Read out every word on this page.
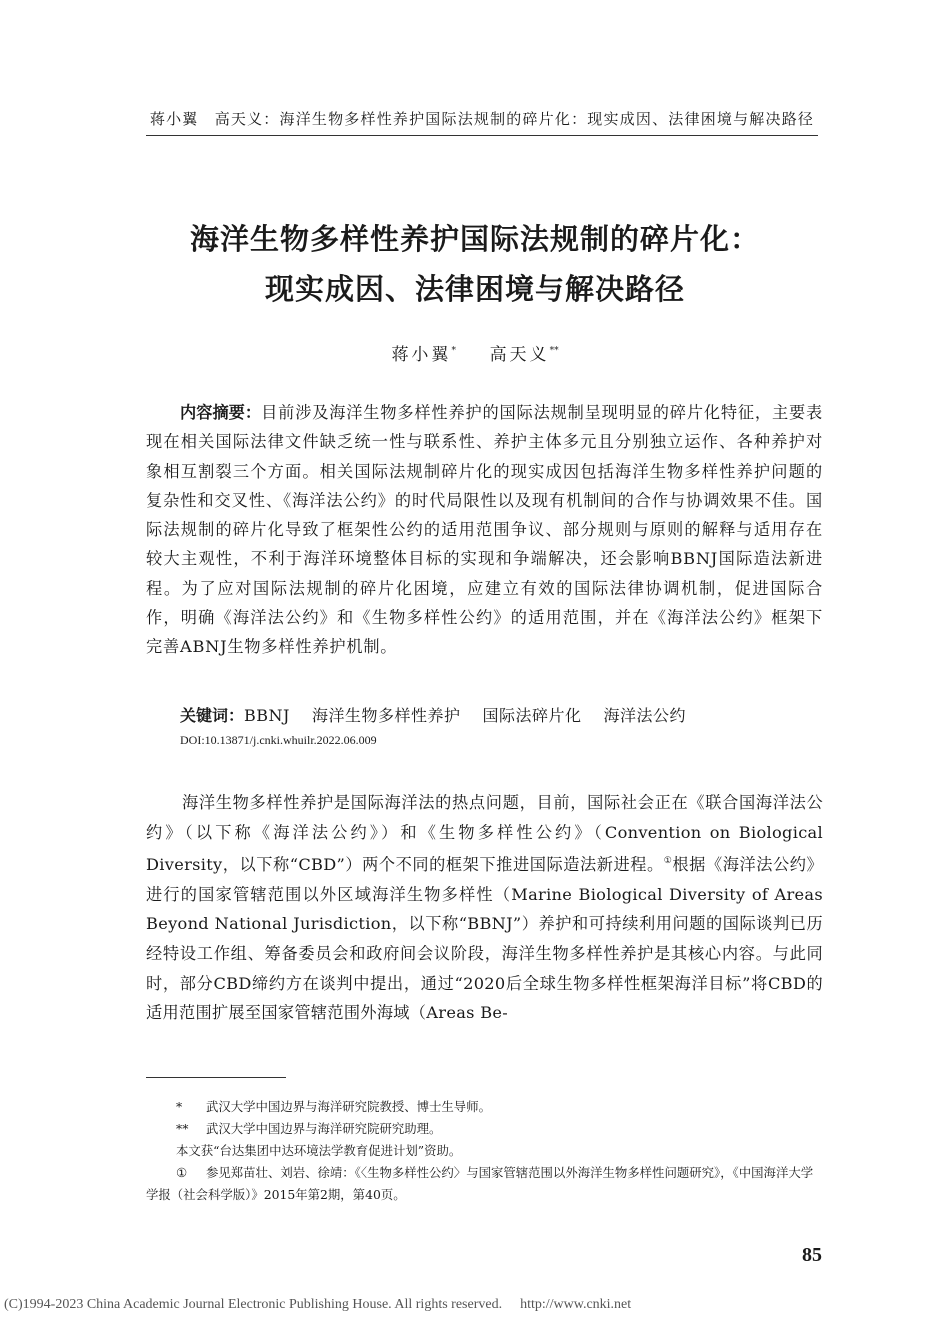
蒋小翼　高天义：海洋生物多样性养护国际法规制的碎片化：现实成因、法律困境与解决路径
海洋生物多样性养护国际法规制的碎片化：
现实成因、法律困境与解决路径
蒋小翼* 高天义**

内容摘要：目前涉及海洋生物多样性养护的国际法规制呈现明显的碎片化特征，主要表现在相关国际法律文件缺乏统一性与联系性、养护主体多元且分别独立运作、各种养护对象相互割裂三个方面。相关国际法规制碎片化的现实成因包括海洋生物多样性养护问题的复杂性和交叉性、《海洋法公约》的时代局限性以及现有机制间的合作与协调效果不佳。国际法规制的碎片化导致了框架性公约的适用范围争议、部分规则与原则的解释与适用存在较大主观性，不利于海洋环境整体目标的实现和争端解决，还会影响BBNJ国际造法新进程。为了应对国际法规制的碎片化困境，应建立有效的国际法律协调机制，促进国际合作，明确《海洋法公约》和《生物多样性公约》的适用范围，并在《海洋法公约》框架下完善ABNJ生物多样性养护机制。

关键词：BBNJ 海洋生物多样性养护 国际法碎片化 海洋法公约
DOI:10.13871/j.cnki.whuilr.2022.06.009

海洋生物多样性养护是国际海洋法的热点问题，目前，国际社会正在《联合国海洋法公约》（以下称《海洋法公约》）和《生物多样性公约》（Convention on Biological Diversity，以下称“CBD”）两个不同的框架下推进国际造法新进程。①根据《海洋法公约》进行的国家管辖范围以外区域海洋生物多样性（Marine Biological Diversity of Areas Beyond National Jurisdiction，以下称“BBNJ”）养护和可持续利用问题的国际谈判已历经特设工作组、筹备委员会和政府间会议阶段，海洋生物多样性养护是其核心内容。与此同时，部分CBD缔约方在谈判中提出，通过“2020后全球生物多样性框架海洋目标”将CBD的适用范围扩展至国家管辖范围外海域（Areas Be-

* 武汉大学中国边界与海洋研究院教授、博士生导师。

** 武汉大学中国边界与海洋研究院研究助理。

本文获“台达集团中达环境法学教育促进计划”资助。

① 参见郑苗壮、刘岩、徐靖：《〈生物多样性公约〉与国家管辖范围以外海洋生物多样性问题研究》，《中国海洋大学学报（社会科学版）》2015年第2期，第40页。

85
(C)1994-2023 China Academic Journal Electronic Publishing House. All rights reserved. http://www.cnki.net
